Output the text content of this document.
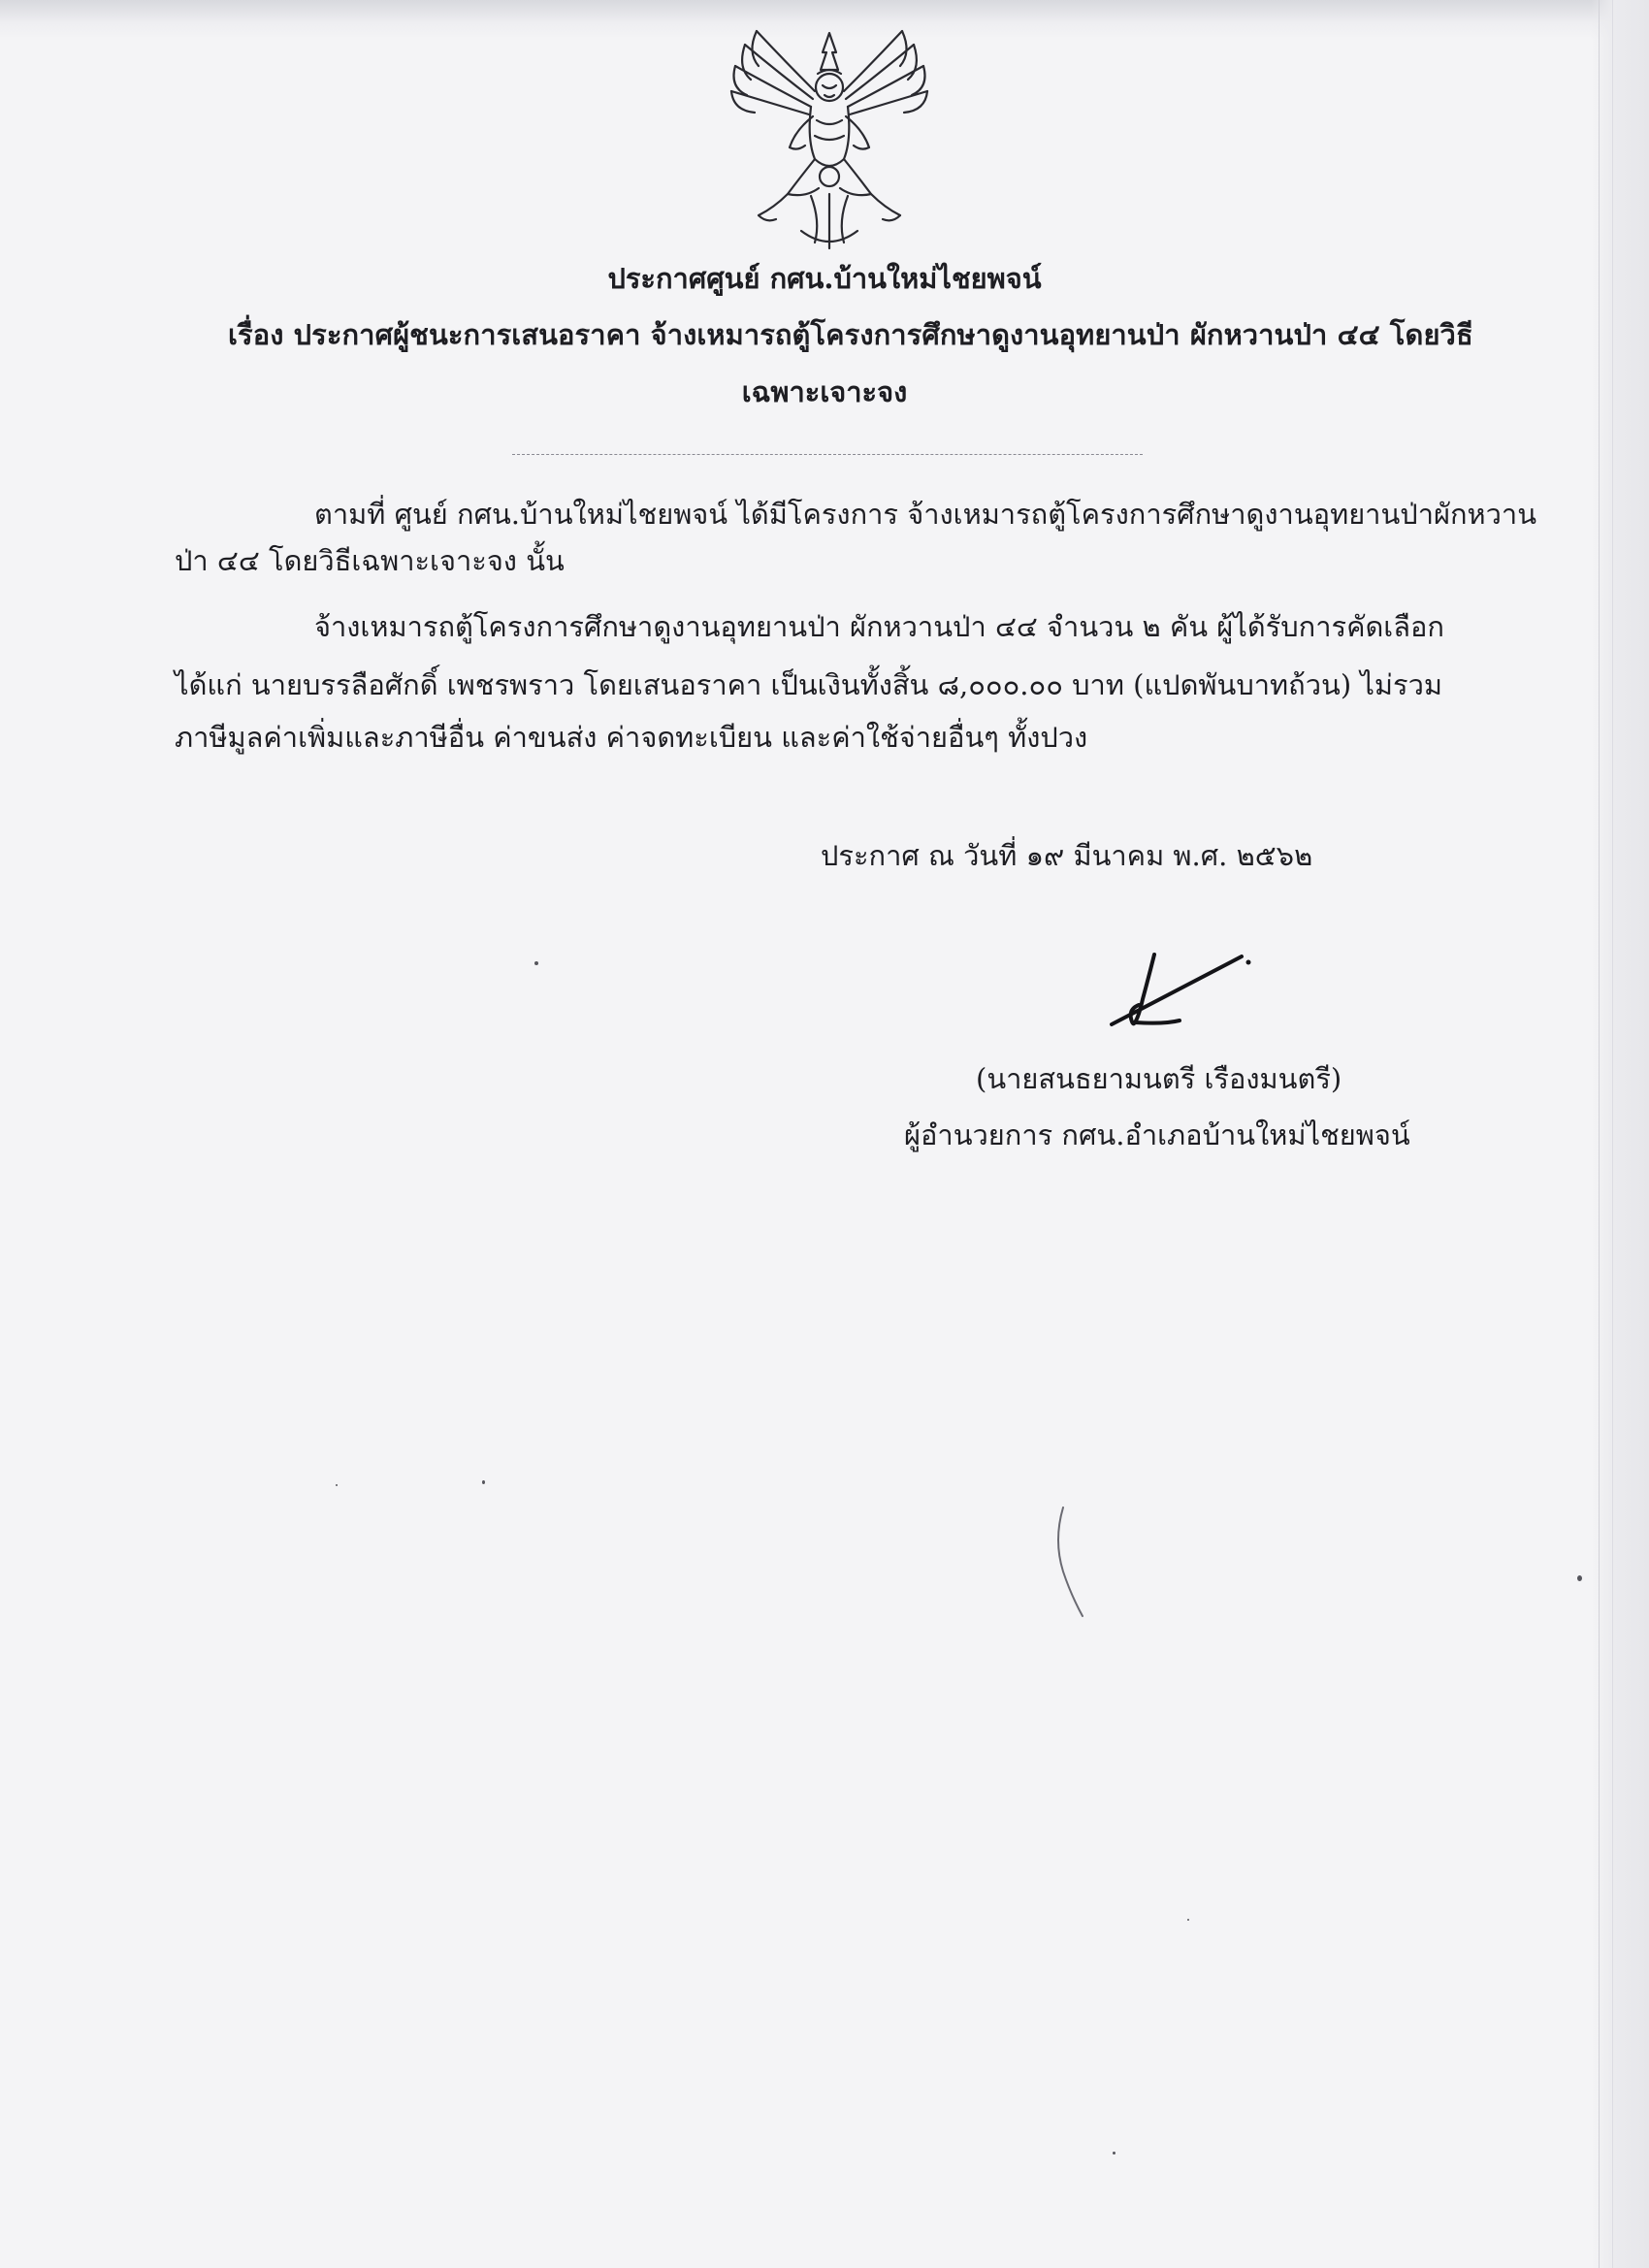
ประกาศศูนย์ กศน.บ้านใหม่ไชยพจน์
เรื่อง ประกาศผู้ชนะการเสนอราคา จ้างเหมารถตู้โครงการศึกษาดูงานอุทยานป่า ผักหวานป่า ๔๔ โดยวิธี
เฉพาะเจาะจง
ตามที่ ศูนย์ กศน.บ้านใหม่ไชยพจน์ ได้มีโครงการ จ้างเหมารถตู้โครงการศึกษาดูงานอุทยานป่าผักหวาน
ป่า ๔๔ โดยวิธีเฉพาะเจาะจง นั้น
จ้างเหมารถตู้โครงการศึกษาดูงานอุทยานป่า ผักหวานป่า ๔๔ จำนวน ๒ คัน ผู้ได้รับการคัดเลือก
ได้แก่ นายบรรลือศักดิ์ เพชรพราว โดยเสนอราคา เป็นเงินทั้งสิ้น ๘,๐๐๐.๐๐ บาท (แปดพันบาทถ้วน) ไม่รวม
ภาษีมูลค่าเพิ่มและภาษีอื่น ค่าขนส่ง ค่าจดทะเบียน และค่าใช้จ่ายอื่นๆ ทั้งปวง
ประกาศ ณ วันที่ ๑๙ มีนาคม พ.ศ. ๒๕๖๒
(นายสนธยามนตรี เรืองมนตรี)
ผู้อำนวยการ กศน.อำเภอบ้านใหม่ไชยพจน์
